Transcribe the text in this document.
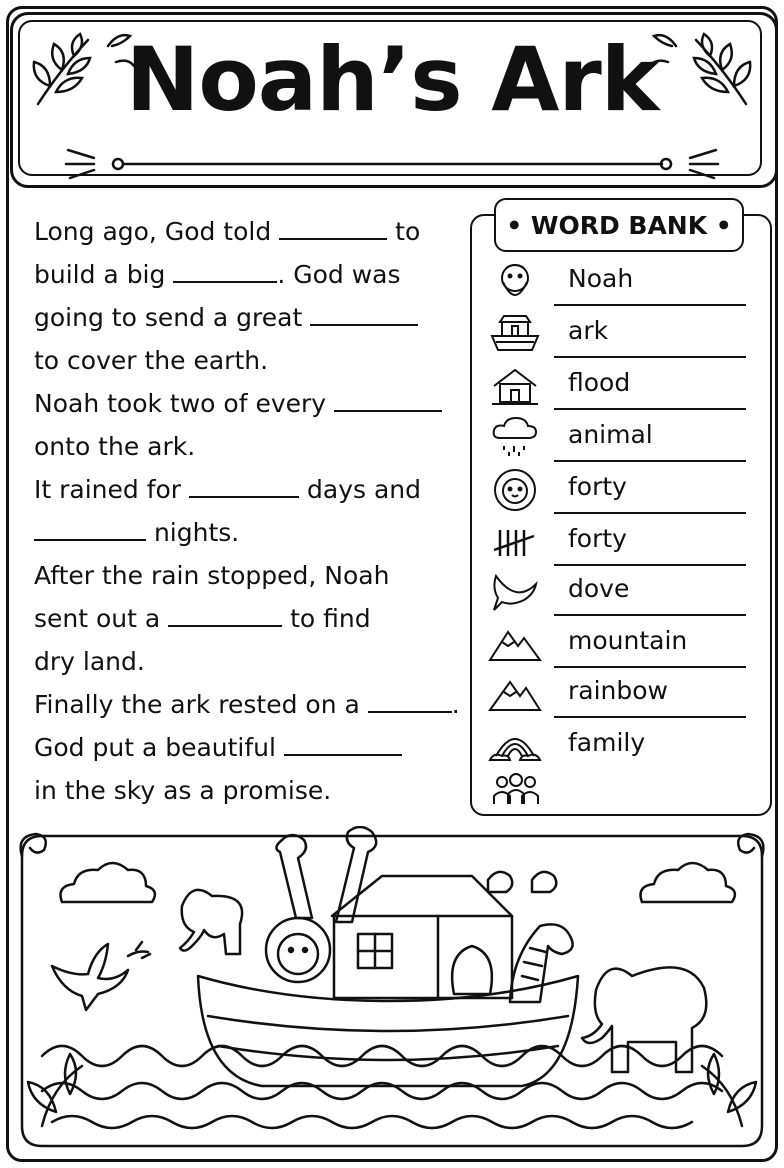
Noah’s Ark
Long ago, God told	to
build a big	. God was
going to send a great
to cover the earth.
Noah took two of every
onto the ark.
It rained for	days and
nights.
After the rain stopped, Noah
sent out a	to find
dry land.
Finally the ark rested on a	.
God put a beautiful
in the sky as a promise.
• WORD BANK •
Noah
ark
flood
animal
forty
forty
dove
mountain
rainbow
family
